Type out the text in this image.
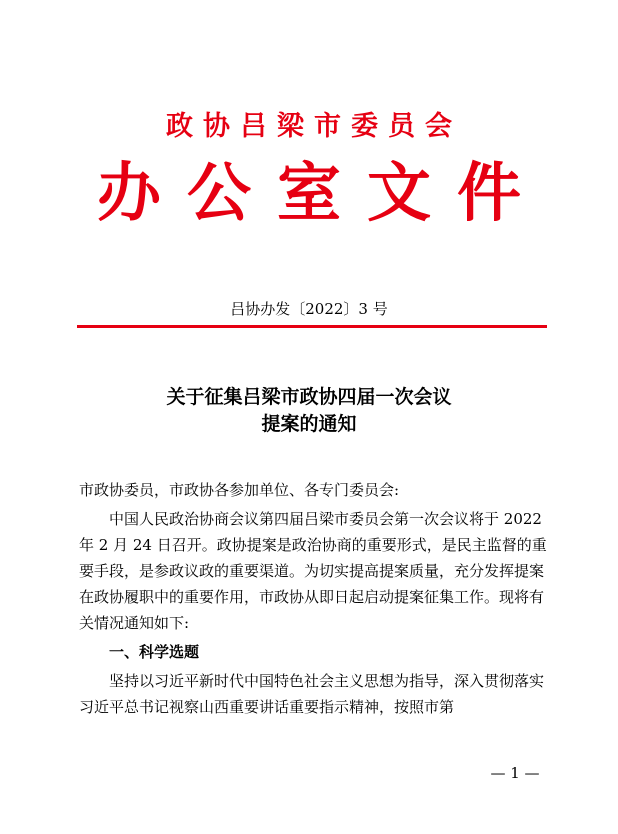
政协吕梁市委员会
办公室文件
吕协办发〔2022〕3 号
关于征集吕梁市政协四届一次会议
提案的通知

市政协委员，市政协各参加单位、各专门委员会:

中国人民政治协商会议第四届吕梁市委员会第一次会议将于 2022 年 2 月 24 日召开。政协提案是政治协商的重要形式，是民主监督的重要手段，是参政议政的重要渠道。为切实提高提案质量，充分发挥提案在政协履职中的重要作用，市政协从即日起启动提案征集工作。现将有关情况通知如下:

一、科学选题

坚持以习近平新时代中国特色社会主义思想为指导，深入贯彻落实习近平总书记视察山西重要讲话重要指示精神，按照市第

— 1 —
